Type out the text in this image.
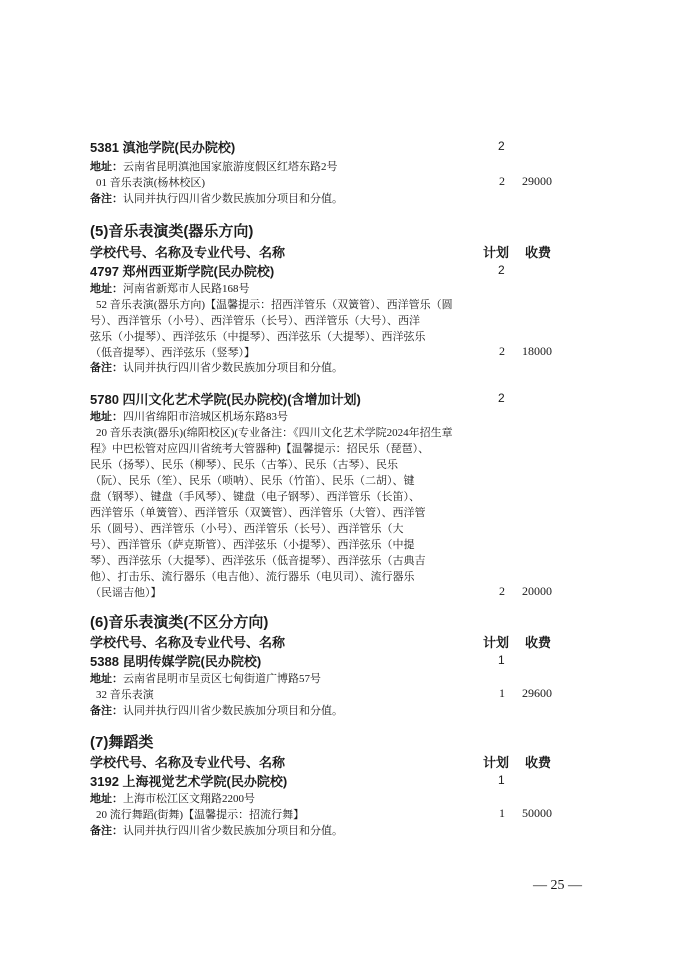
5381 滇池学院(民办院校)	2
地址：云南省昆明滇池国家旅游度假区红塔东路2号
01 音乐表演(杨林校区)	2 29000
备注：认同并执行四川省少数民族加分项目和分值。
(5)音乐表演类(器乐方向)
学校代号、名称及专业代号、名称	计划 收费
4797 郑州西亚斯学院(民办院校)	2
地址：河南省新郑市人民路168号
52 音乐表演(器乐方向)【温馨提示：招西洋管乐（双簧管）、西洋管乐（圆
号）、西洋管乐（小号）、西洋管乐（长号）、西洋管乐（大号）、西洋
弦乐（小提琴）、西洋弦乐（中提琴）、西洋弦乐（大提琴）、西洋弦乐
（低音提琴）、西洋弦乐（竖琴）】	2 18000
备注：认同并执行四川省少数民族加分项目和分值。
5780 四川文化艺术学院(民办院校)(含增加计划)	2
地址：四川省绵阳市涪城区机场东路83号
20 音乐表演(器乐)(绵阳校区)(专业备注：《四川文化艺术学院2024年招生章
程》中巴松管对应四川省统考大管器种)【温馨提示：招民乐（琵琶）、
民乐（扬琴）、民乐（柳琴）、民乐（古筝）、民乐（古琴）、民乐
（阮）、民乐（笙）、民乐（唢呐）、民乐（竹笛）、民乐（二胡）、键
盘（钢琴）、键盘（手风琴）、键盘（电子钢琴）、西洋管乐（长笛）、
西洋管乐（单簧管）、西洋管乐（双簧管）、西洋管乐（大管）、西洋管
乐（圆号）、西洋管乐（小号）、西洋管乐（长号）、西洋管乐（大
号）、西洋管乐（萨克斯管）、西洋弦乐（小提琴）、西洋弦乐（中提
琴）、西洋弦乐（大提琴）、西洋弦乐（低音提琴）、西洋弦乐（古典吉
他）、打击乐、流行器乐（电吉他）、流行器乐（电贝司）、流行器乐
（民谣吉他）】	2 20000
(6)音乐表演类(不区分方向)
学校代号、名称及专业代号、名称	计划 收费
5388 昆明传媒学院(民办院校)	1
地址：云南省昆明市呈贡区七甸街道广博路57号
32 音乐表演	1 29600
备注：认同并执行四川省少数民族加分项目和分值。
(7)舞蹈类
学校代号、名称及专业代号、名称	计划 收费
3192 上海视觉艺术学院(民办院校)	1
地址：上海市松江区文翔路2200号
20 流行舞蹈(街舞)【温馨提示：招流行舞】	1 50000
备注：认同并执行四川省少数民族加分项目和分值。
— 25 —
